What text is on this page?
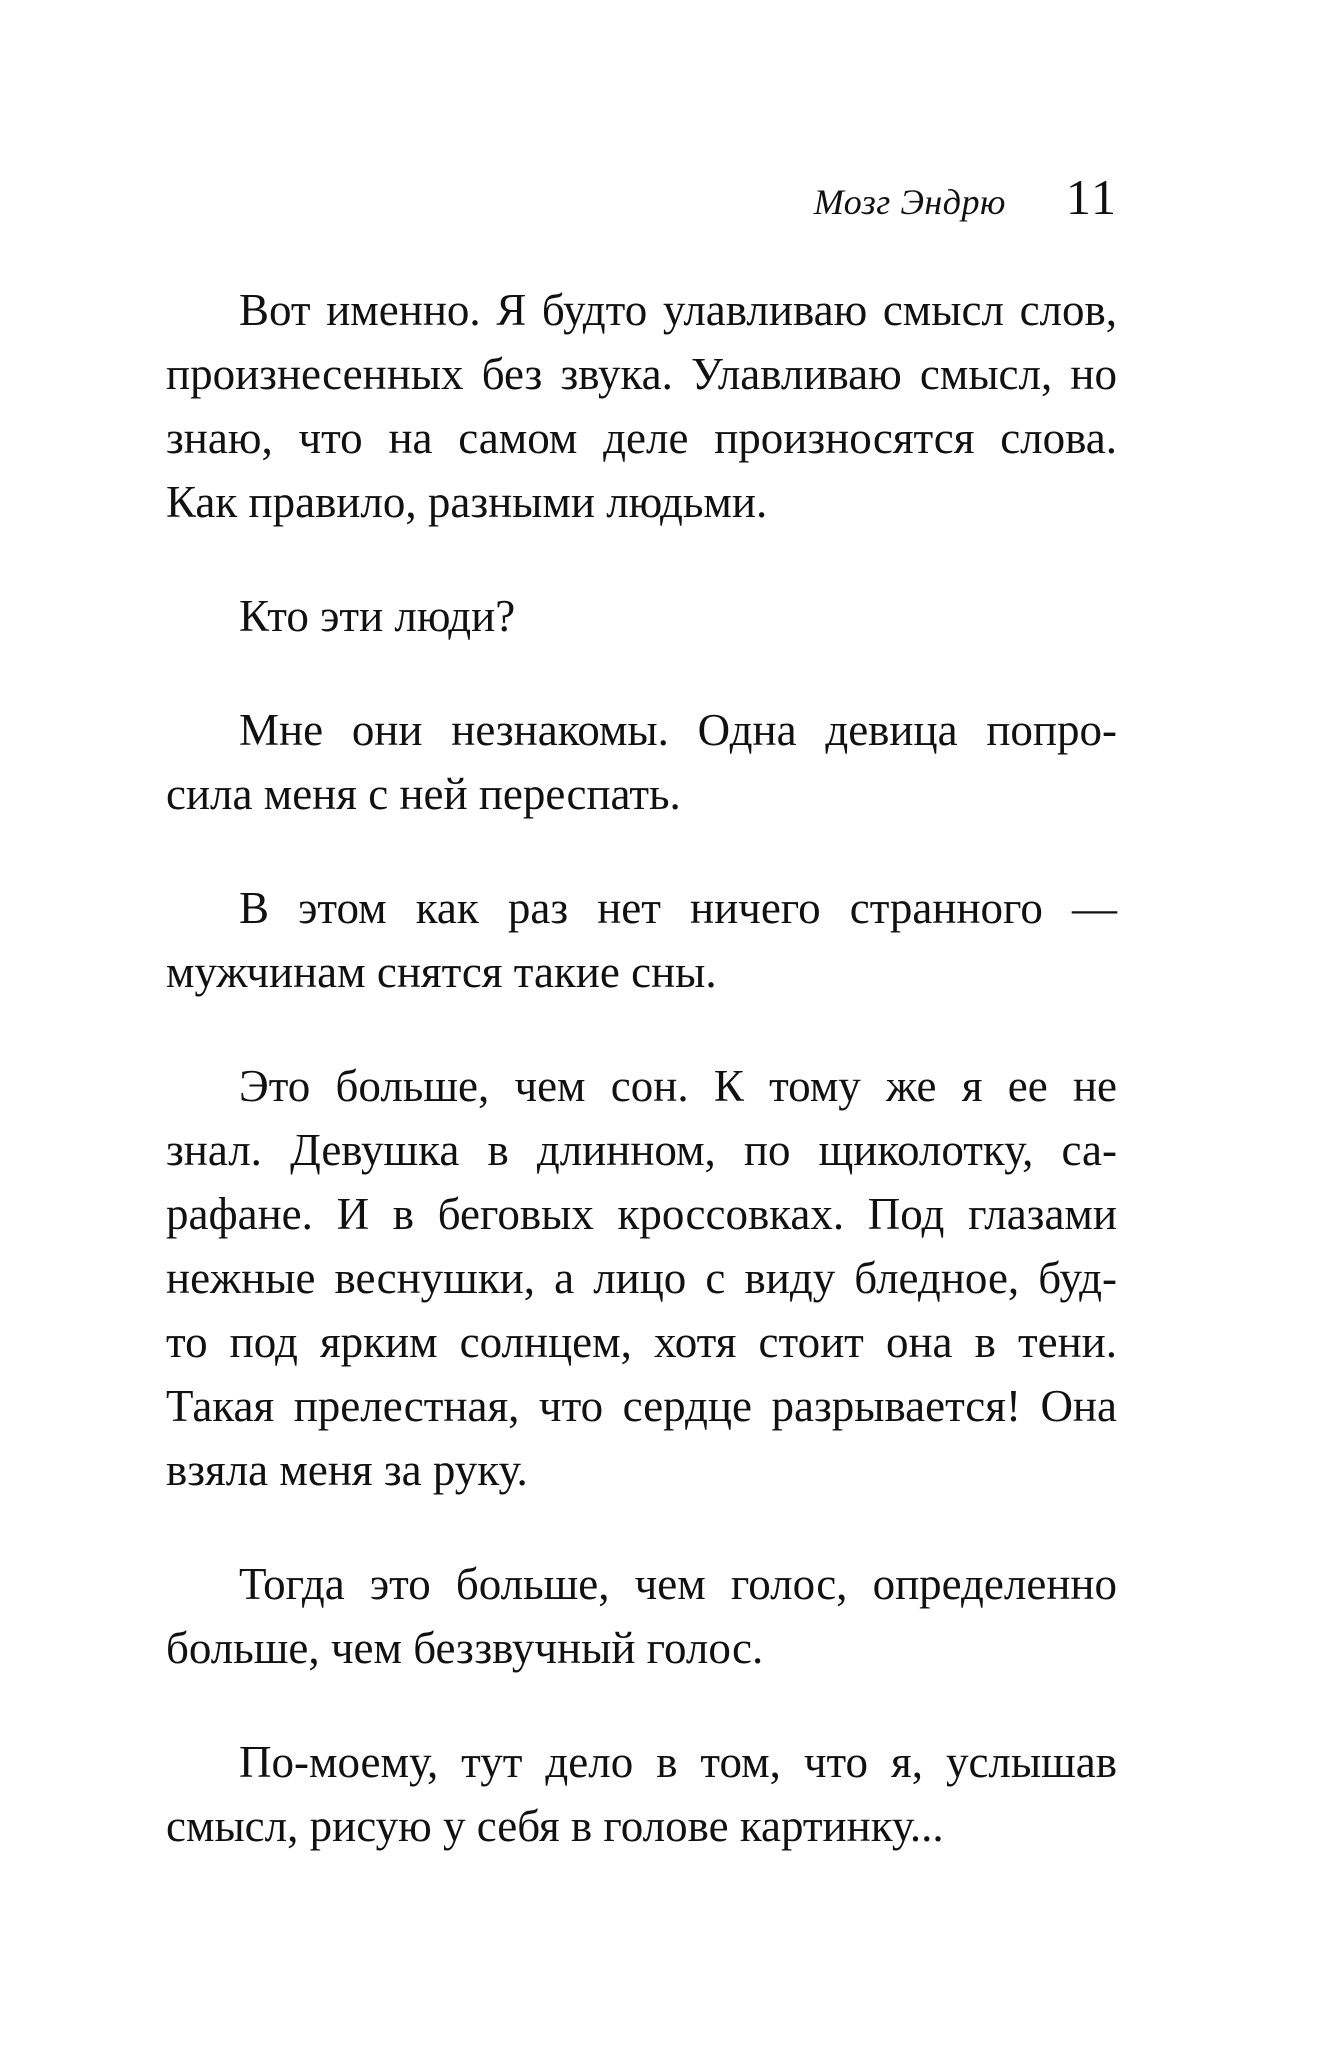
Мозг Эндрю 11
Вот именно. Я будто улавливаю смысл слов,
произнесенных без звука. Улавливаю смысл, но
знаю, что на самом деле произносятся слова.
Как правило, разными людьми.
Кто эти люди?
Мне они незнакомы. Одна девица попро-
сила меня с ней переспать.
В этом как раз нет ничего странного —
мужчинам снятся такие сны.
Это больше, чем сон. К тому же я ее не
знал. Девушка в длинном, по щиколотку, са-
рафане. И в беговых кроссовках. Под глазами
нежные веснушки, а лицо с виду бледное, буд-
то под ярким солнцем, хотя стоит она в тени.
Такая прелестная, что сердце разрывается! Она
взяла меня за руку.
Тогда это больше, чем голос, определенно
больше, чем беззвучный голос.
По-моему, тут дело в том, что я, услышав
смысл, рисую у себя в голове картинку...
